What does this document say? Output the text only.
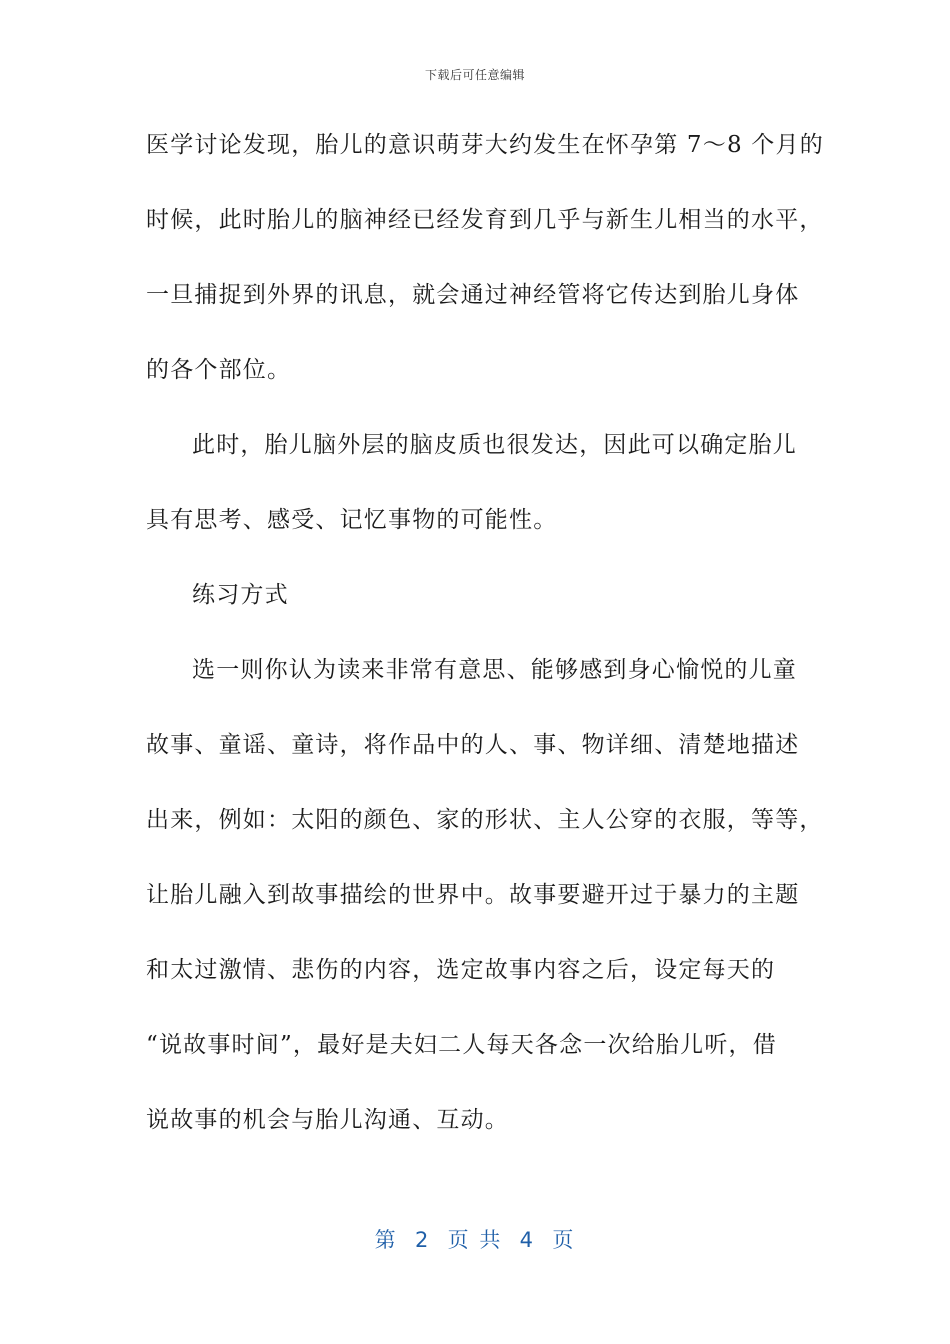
下载后可任意编辑
医学讨论发现，胎儿的意识萌芽大约发生在怀孕第 7～8 个月的
时候，此时胎儿的脑神经已经发育到几乎与新生儿相当的水平，
一旦捕捉到外界的讯息，就会通过神经管将它传达到胎儿身体
的各个部位。
此时，胎儿脑外层的脑皮质也很发达，因此可以确定胎儿
具有思考、感受、记忆事物的可能性。
练习方式
选一则你认为读来非常有意思、能够感到身心愉悦的儿童
故事、童谣、童诗，将作品中的人、事、物详细、清楚地描述
出来，例如：太阳的颜色、家的形状、主人公穿的衣服，等等，
让胎儿融入到故事描绘的世界中。故事要避开过于暴力的主题
和太过激情、悲伤的内容，选定故事内容之后，设定每天的
“说故事时间”，最好是夫妇二人每天各念一次给胎儿听，借
说故事的机会与胎儿沟通、互动。
第  2  页 共  4  页
